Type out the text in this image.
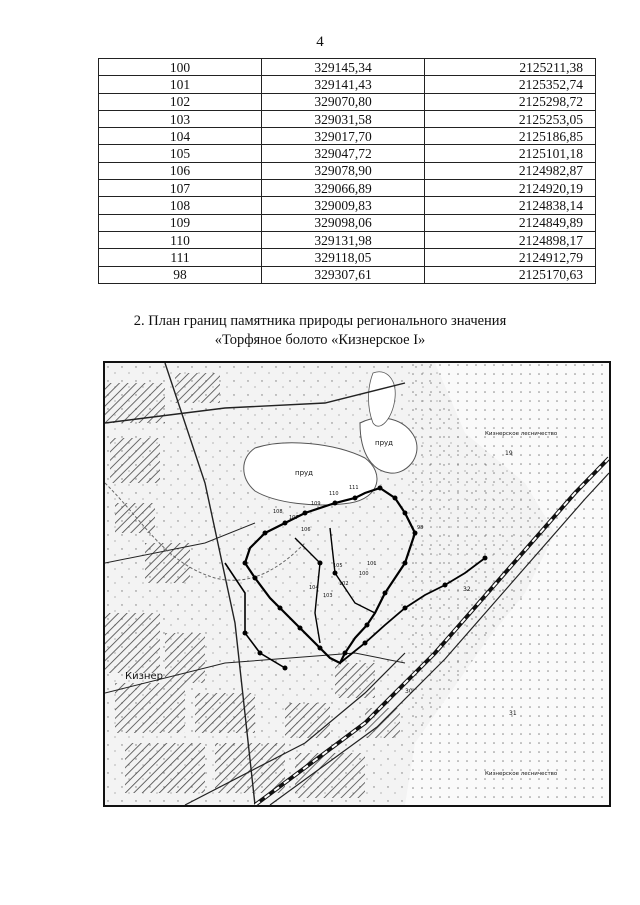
4
100	329145,34	2125211,38
101	329141,43	2125352,74
102	329070,80	2125298,72
103	329031,58	2125253,05
104	329017,70	2125186,85
105	329047,72	2125101,18
106	329078,90	2124982,87
107	329066,89	2124920,19
108	329009,83	2124838,14
109	329098,06	2124849,89
110	329131,98	2124898,17
111	329118,05	2124912,79
98	329307,61	2125170,63
2. План границ памятника природы регионального значения
«Торфяное болото «Кизнерское I»
Кизнер
пруд
пруд
Кизнерское лесничество
Кизнерское лесничество
19
30
31
32
98
100
101
102
103
104
105
106
107
108
109
110
111
